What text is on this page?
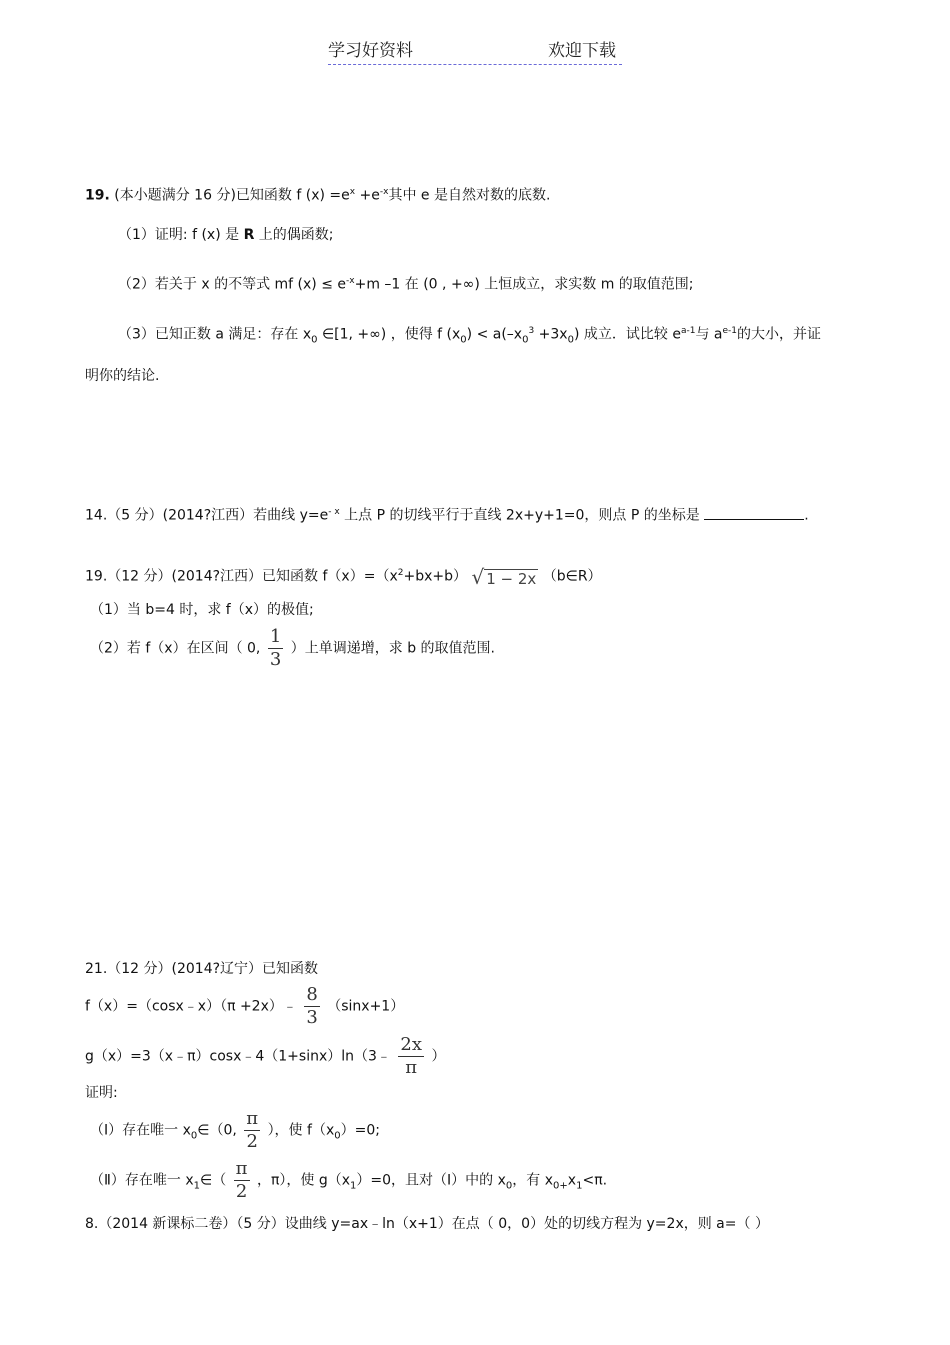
学习好资料	欢迎下载
19. (本小题满分 16 分)已知函数 f $(x) =e^x +e^{-x}$其中 e 是自然对数的底数.
（1）证明: f (x) 是 R 上的偶函数;
（2）若关于 x 的不等式 mf $(x) \le e^{-x}+m$ –1 在 (0 , +∞) 上恒成立，求实数 m 的取值范围;
（3）已知正数 a 满足：存在 $x_0$ ∈[1, +∞) ，使得 f $(x_0) < a(-x_0^3 +3x_0)$ 成立．试比较 $e^{a-1}$与 $a^{e-1}$的大小，并证
明你的结论.
14.（5 分）(2014?江西）若曲线 $y=e^{- x}$ 上点 P 的切线平行于直线 2x+y+1=0，则点 P 的坐标是	.
19.（12 分）(2014?江西）已知函数 $f(x)=(x^2+bx+b)$ √ 1 − 2x （b∈R）
（1）当 b=4 时，求 f（x）的极值;
（2）若 f（x）在区间（ 0, $\frac{1}{3}$ ）上单调递增，求 b 的取值范围.
21.（12 分）(2014?辽宁）已知函数
f（x）=（cosx﹣x）（π +2x）﹣ $\frac{8}{3} (\sin x+1)$
g（x）=3（x﹣π）cosx﹣4（1+sinx）ln（3﹣ $\frac{2x}{\pi}$ ）
证明:
（Ⅰ）存在唯一 $x_0\in(0$, $\frac{\pi}{2}$ ），使 $f(x_0)=0$;
（Ⅱ）存在唯一 $x_1\in( \frac{\pi}{2}$ ，π），使 $g(x_1)=0$，且对（Ⅰ）中的 $x_0$，有 $x_{0+}x_1<\pi$.
8.（2014 新课标二卷）（5 分）设曲线 y=ax﹣ln（x+1）在点（ 0，0）处的切线方程为 y=2x，则 a=（ ）
